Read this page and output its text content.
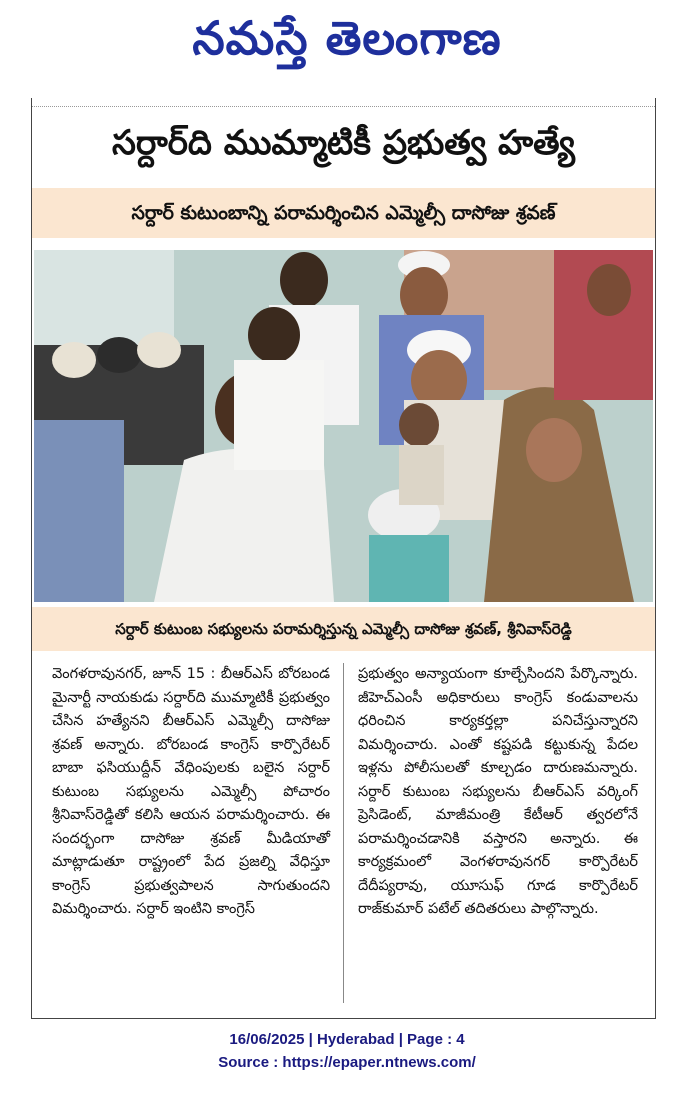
నమస్తే తెలంగాణ
సర్దార్‌ది ముమ్మాటికీ ప్రభుత్వ హత్యే
సర్దార్ కుటుంబాన్ని పరామర్శించిన ఎమ్మెల్సీ దాసోజు శ్రవణ్
సర్దార్ కుటుంబ సభ్యులను పరామర్శిస్తున్న ఎమ్మెల్సీ దాసోజు శ్రవణ్, శ్రీనివాస్‌రెడ్డి
వెంగళరావునగర్, జూన్ 15 : బీఆర్‌ఎస్ బోరబండ మైనార్టీ నాయకుడు సర్దార్‌ది ముమ్మాటికీ ప్రభుత్వం చేసిన హత్యేనని బీఆర్‌ఎస్ ఎమ్మెల్సీ దాసోజు శ్రవణ్ అన్నారు. బోరబండ కాంగ్రెస్ కార్పొరేటర్ బాబా ఫసియుద్దీన్ వేధింపులకు బలైన సర్దార్ కుటుంబ సభ్యులను ఎమ్మెల్సీ పోచారం శ్రీనివాస్‌రెడ్డితో కలిసి ఆయన పరామర్శించారు. ఈ సందర్భంగా దాసోజు శ్రవణ్ మీడియాతో మాట్లాడుతూ రాష్ట్రంలో పేద ప్రజల్ని వేధిస్తూ కాంగ్రెస్ ప్రభుత్వపాలన సాగుతుందని విమర్శించారు. సర్దార్ ఇంటిని కాంగ్రెస్
ప్రభుత్వం అన్యాయంగా కూల్చేసిందని పేర్కొన్నారు. జీహెచ్‌ఎంసీ అధికారులు కాంగ్రెస్ కండువాలను ధరించిన కార్యకర్తల్లా పనిచేస్తున్నారని విమర్శించారు. ఎంతో కష్టపడి కట్టుకున్న పేదల ఇళ్లను పోలీసులతో కూల్చడం దారుణమన్నారు. సర్దార్ కుటుంబ సభ్యులను బీఆర్‌ఎస్ వర్కింగ్ ప్రెసిడెంట్, మాజీమంత్రి కేటీఆర్ త్వరలోనే పరామర్శించడానికి వస్తారని అన్నారు. ఈ కార్యక్రమంలో వెంగళరావునగర్ కార్పొరేటర్ దేదీప్యరావు, యూసుఫ్ గూడ కార్పొరేటర్ రాజ్‌కుమార్ పటేల్ తదితరులు పాల్గొన్నారు.
16/06/2025 | Hyderabad | Page : 4
Source : https://epaper.ntnews.com/
